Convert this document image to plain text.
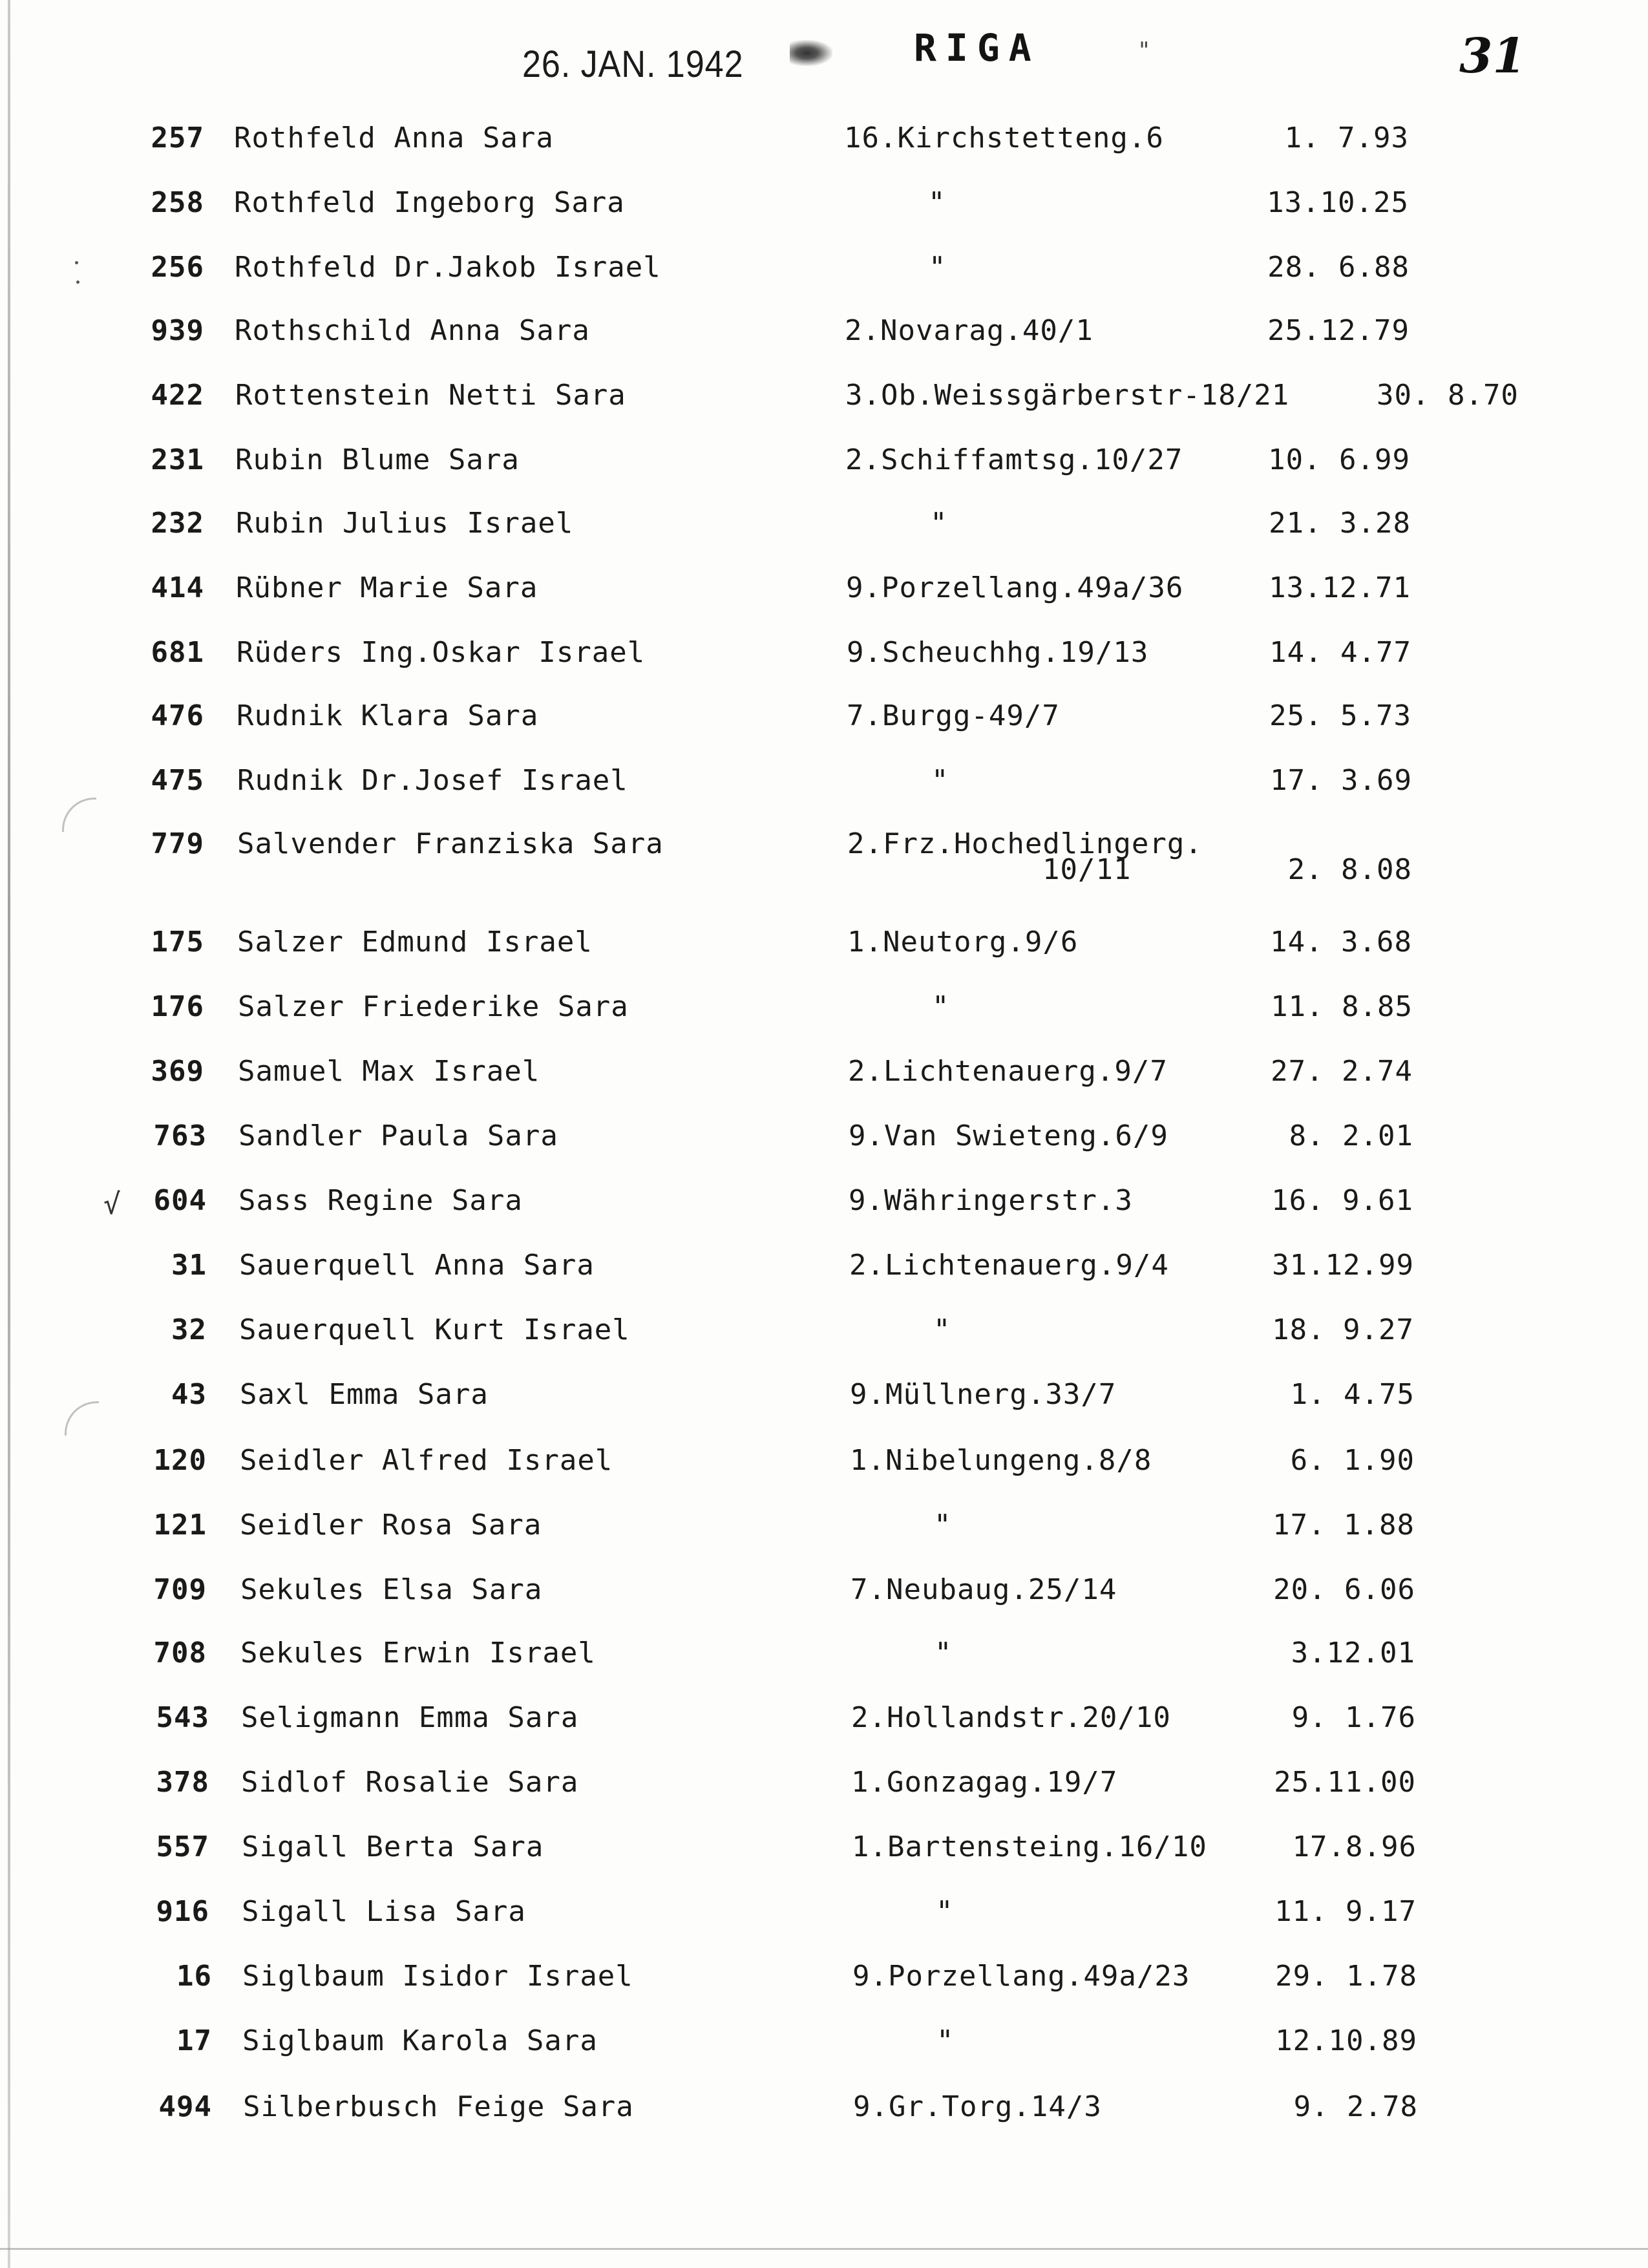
26. JAN. 1942	RIGA	"	31
√
257 Rothfeld Anna Sara	16.Kirchstetteng.6	1. 7.93
258 Rothfeld Ingeborg Sara	"	13.10.25
256 Rothfeld Dr.Jakob Israel	"	28. 6.88
939 Rothschild Anna Sara	2.Novarag.40/1	25.12.79
422 Rottenstein Netti Sara	3.Ob.Weissgärberstr-18/21	30. 8.70
231 Rubin Blume Sara	2.Schiffamtsg.10/27	10. 6.99
232 Rubin Julius Israel	"	21. 3.28
414 Rübner Marie Sara	9.Porzellang.49a/36	13.12.71
681 Rüders Ing.Oskar Israel	9.Scheuchhg.19/13	14. 4.77
476 Rudnik Klara Sara	7.Burgg-49/7	25. 5.73
475 Rudnik Dr.Josef Israel	"	17. 3.69
779 Salvender Franziska Sara	2.Frz.Hochedlingerg.
10/11	2. 8.08
175 Salzer Edmund Israel	1.Neutorg.9/6	14. 3.68
176 Salzer Friederike Sara	"	11. 8.85
369 Samuel Max Israel	2.Lichtenauerg.9/7	27. 2.74
763 Sandler Paula Sara	9.Van Swieteng.6/9	8. 2.01
604 Sass Regine Sara	9.Währingerstr.3	16. 9.61
31 Sauerquell Anna Sara	2.Lichtenauerg.9/4	31.12.99
32 Sauerquell Kurt Israel	"	18. 9.27
43 Saxl Emma Sara	9.Müllnerg.33/7	1. 4.75
120 Seidler Alfred Israel	1.Nibelungeng.8/8	6. 1.90
121 Seidler Rosa Sara	"	17. 1.88
709 Sekules Elsa Sara	7.Neubaug.25/14	20. 6.06
708 Sekules Erwin Israel	"	3.12.01
543 Seligmann Emma Sara	2.Hollandstr.20/10	9. 1.76
378 Sidlof Rosalie Sara	1.Gonzagag.19/7	25.11.00
557 Sigall Berta Sara	1.Bartensteing.16/10	17.8.96
916 Sigall Lisa Sara	"	11. 9.17
16 Siglbaum Isidor Israel	9.Porzellang.49a/23	29. 1.78
17 Siglbaum Karola Sara	"	12.10.89
494 Silberbusch Feige Sara	9.Gr.Torg.14/3	9. 2.78
